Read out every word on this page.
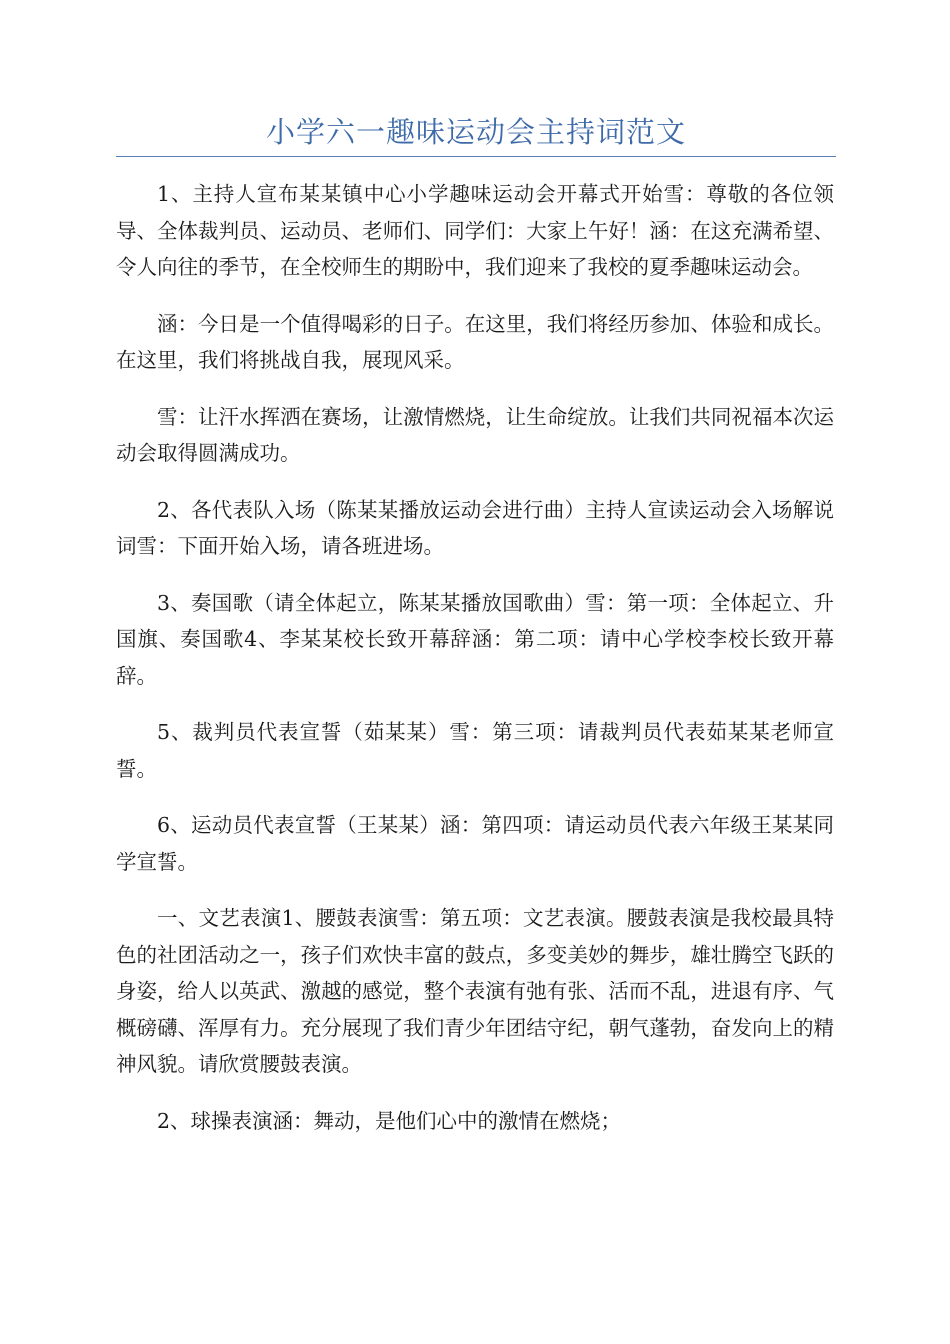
小学六一趣味运动会主持词范文

1、主持人宣布某某镇中心小学趣味运动会开幕式开始雪：尊敬的各位领导、全体裁判员、运动员、老师们、同学们：大家上午好！涵：在这充满希望、令人向往的季节，在全校师生的期盼中，我们迎来了我校的夏季趣味运动会。

涵：今日是一个值得喝彩的日子。在这里，我们将经历参加、体验和成长。在这里，我们将挑战自我，展现风采。

雪：让汗水挥洒在赛场，让激情燃烧，让生命绽放。让我们共同祝福本次运动会取得圆满成功。

2、各代表队入场（陈某某播放运动会进行曲）主持人宣读运动会入场解说词雪：下面开始入场，请各班进场。

3、奏国歌（请全体起立，陈某某播放国歌曲）雪：第一项：全体起立、升国旗、奏国歌4、李某某校长致开幕辞涵：第二项：请中心学校李校长致开幕辞。

5、裁判员代表宣誓（茹某某）雪：第三项：请裁判员代表茹某某老师宣誓。

6、运动员代表宣誓（王某某）涵：第四项：请运动员代表六年级王某某同学宣誓。

一、文艺表演1、腰鼓表演雪：第五项：文艺表演。腰鼓表演是我校最具特色的社团活动之一，孩子们欢快丰富的鼓点，多变美妙的舞步，雄壮腾空飞跃的身姿，给人以英武、激越的感觉，整个表演有弛有张、活而不乱，进退有序、气概磅礴、浑厚有力。充分展现了我们青少年团结守纪，朝气蓬勃，奋发向上的精神风貌。请欣赏腰鼓表演。

2、球操表演涵：舞动，是他们心中的激情在燃烧；
